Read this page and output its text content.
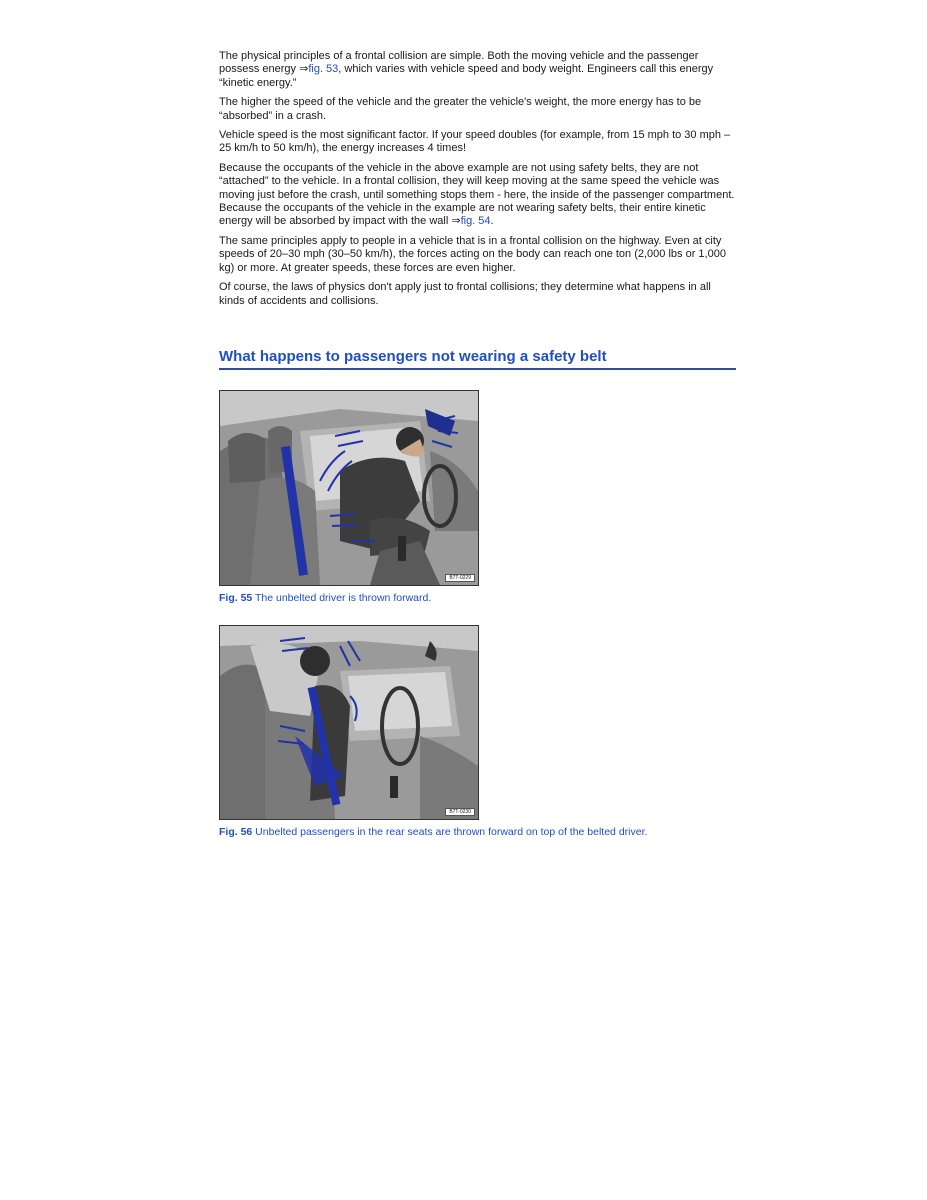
The physical principles of a frontal collision are simple. Both the moving vehicle and the passenger possess energy ⇒fig. 53, which varies with vehicle speed and body weight. Engineers call this energy “kinetic energy.”

The higher the speed of the vehicle and the greater the vehicle's weight, the more energy has to be “absorbed” in a crash.

Vehicle speed is the most significant factor. If your speed doubles (for example, from 15 mph to 30 mph – 25 km/h to 50 km/h), the energy increases 4 times!

Because the occupants of the vehicle in the above example are not using safety belts, they are not “attached” to the vehicle. In a frontal collision, they will keep moving at the same speed the vehicle was moving just before the crash, until something stops them - here, the inside of the passenger compartment. Because the occupants of the vehicle in the example are not wearing safety belts, their entire kinetic energy will be absorbed by impact with the wall ⇒fig. 54.

The same principles apply to people in a vehicle that is in a frontal collision on the highway. Even at city speeds of 20–30 mph (30–50 km/h), the forces acting on the body can reach one ton (2,000 lbs or 1,000 kg) or more. At greater speeds, these forces are even higher.

Of course, the laws of physics don't apply just to frontal collisions; they determine what happens in all kinds of accidents and collisions.

What happens to passengers not wearing a safety belt
B7T-0229
Fig. 55 The unbelted driver is thrown forward.
B7T-0230
Fig. 56 Unbelted passengers in the rear seats are thrown forward on top of the belted driver.
